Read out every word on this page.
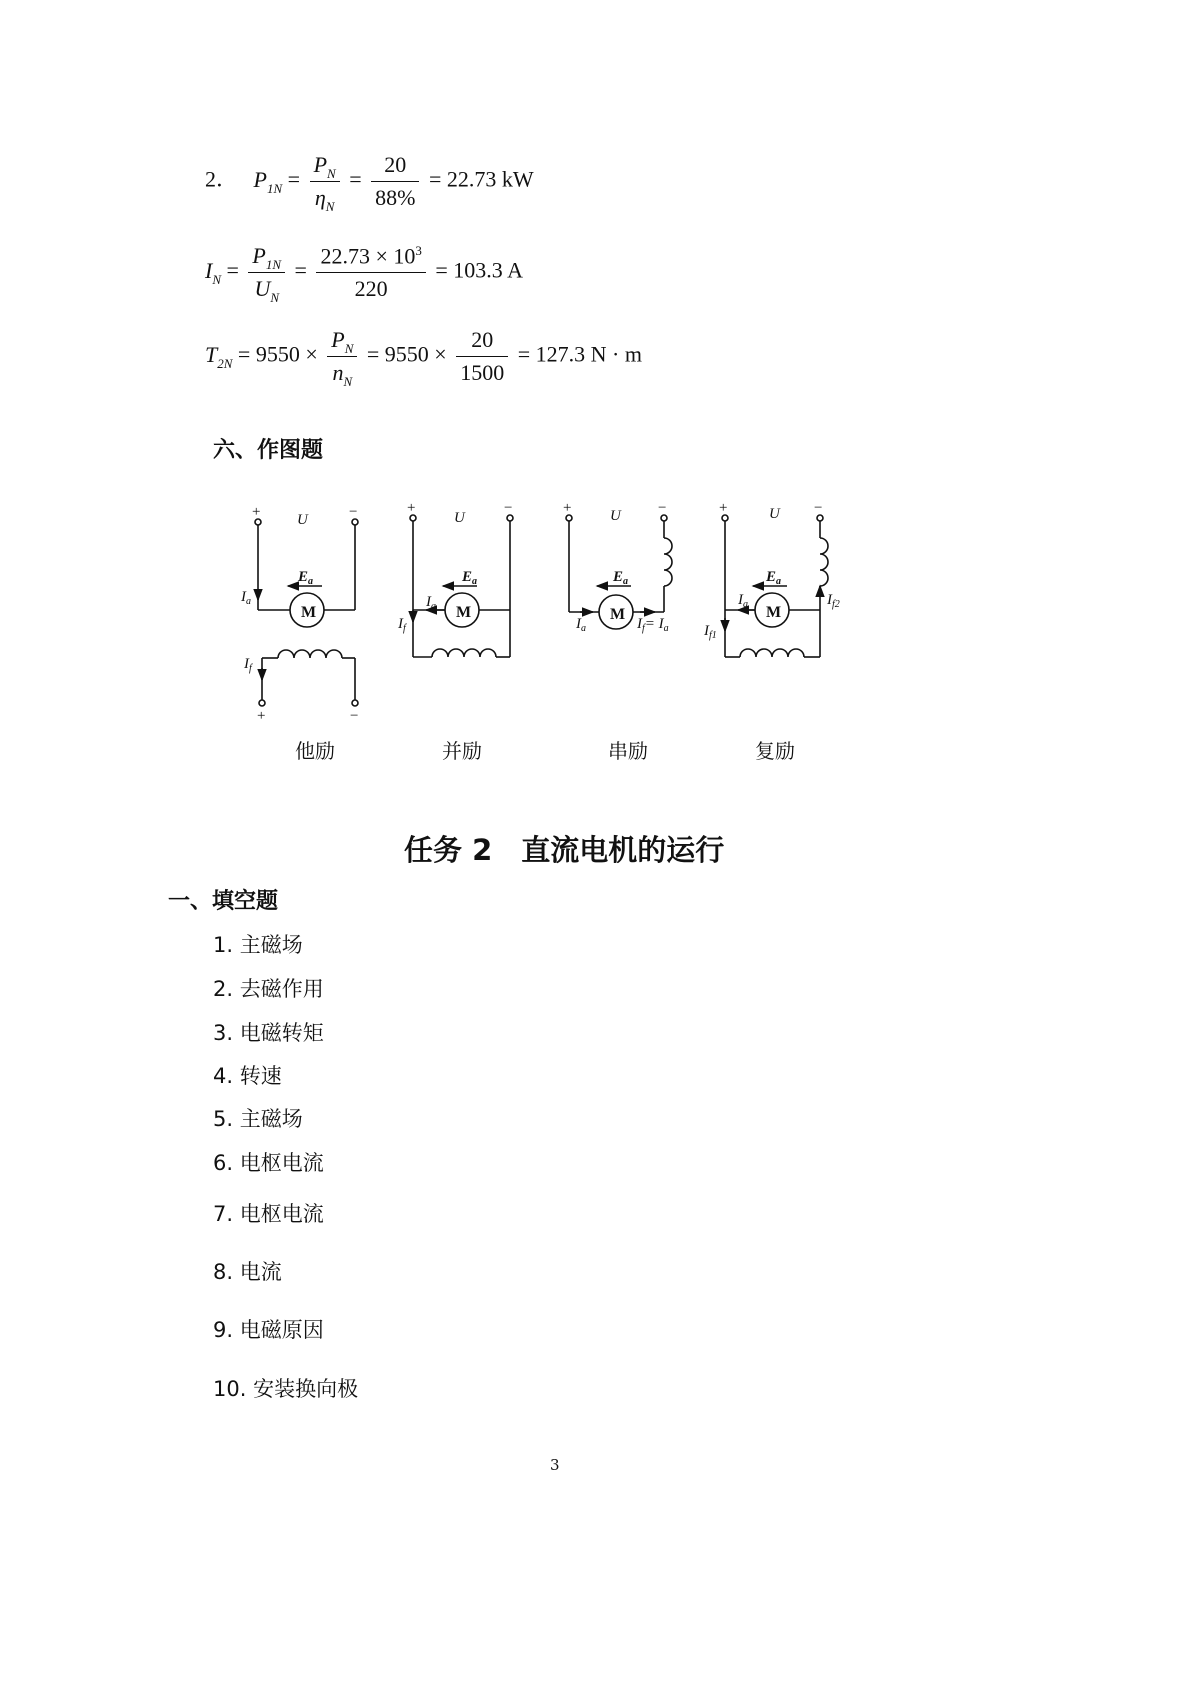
2． $P_{1N} = \frac{P_N}{\eta_N} = \frac{20}{88\%} = 22.73$ kW
$I_N = \frac{P_{1N}}{U_N} = \frac{22.73 \times 10^3}{220} = 103.3$ A
$T_{2N} = 9550 \times \frac{P_N}{n_N} = 9550 \times \frac{20}{1500} = 127.3$ N · m
六、作图题
+	−
U
$E_a$
M
$I_a$
$I_f$
+	−
+	−
U
$E_a$
M
$I_a$
$I_f$
+	−
U
$E_a$
M
$I_a$	$I_f= I_a$
+	−
U
$E_a$
M
$I_a$
$I_{f1}$
$I_{f2}$
他励	并励	串励	复励
任务 2　直流电机的运行
一、填空题
1. 主磁场
2. 去磁作用
3. 电磁转矩
4. 转速
5. 主磁场
6. 电枢电流
7. 电枢电流
8. 电流
9. 电磁原因
10. 安装换向极
3
